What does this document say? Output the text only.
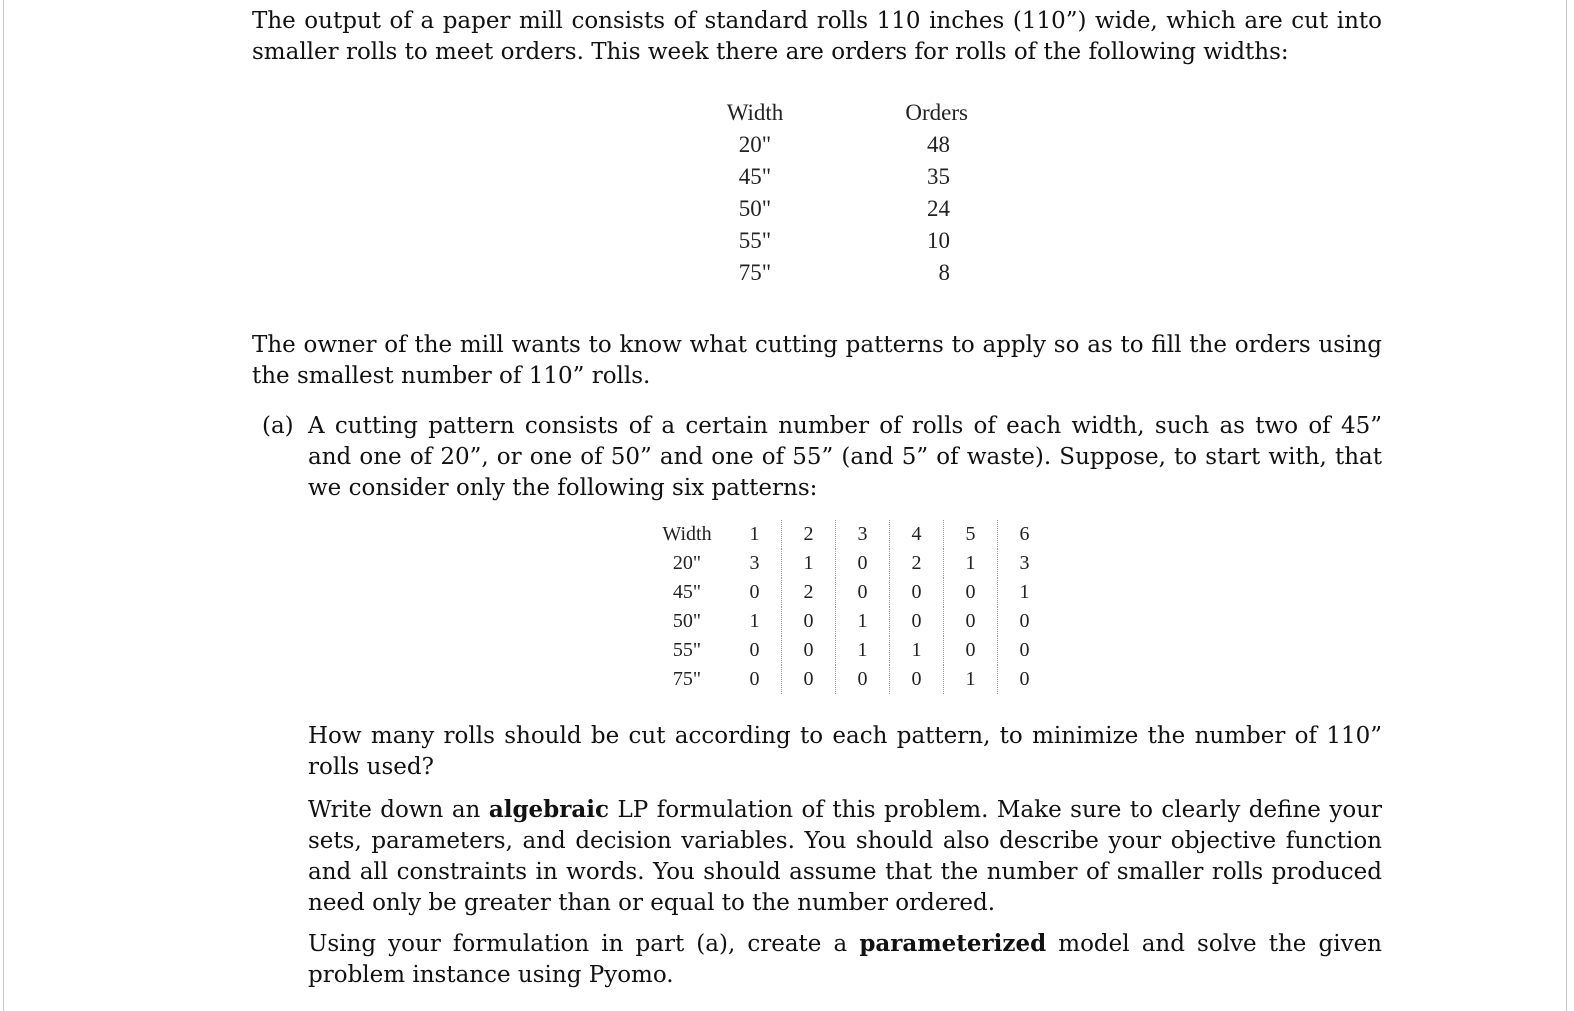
The output of a paper mill consists of standard rolls 110 inches (110”) wide, which are cut into smaller rolls to meet orders. This week there are orders for rolls of the following widths:

Width	Orders
20"	48
45"	35
50"	24
55"	10
75"	8

The owner of the mill wants to know what cutting patterns to apply so as to fill the orders using the smallest number of 110” rolls.

(a) A cutting pattern consists of a certain number of rolls of each width, such as two of 45” and one of 20”, or one of 50” and one of 55” (and 5” of waste). Suppose, to start with, that we consider only the following six patterns:

Width	1	2	3	4	5	6
20"	3	1	0	2	1	3
45"	0	2	0	0	0	1
50"	1	0	1	0	0	0
55"	0	0	1	1	0	0
75"	0	0	0	0	1	0

How many rolls should be cut according to each pattern, to minimize the number of 110” rolls used?

Write down an algebraic LP formulation of this problem. Make sure to clearly define your sets, parameters, and decision variables. You should also describe your objective function and all constraints in words. You should assume that the number of smaller rolls produced need only be greater than or equal to the number ordered.

Using your formulation in part (a), create a parameterized model and solve the given problem instance using Pyomo.
